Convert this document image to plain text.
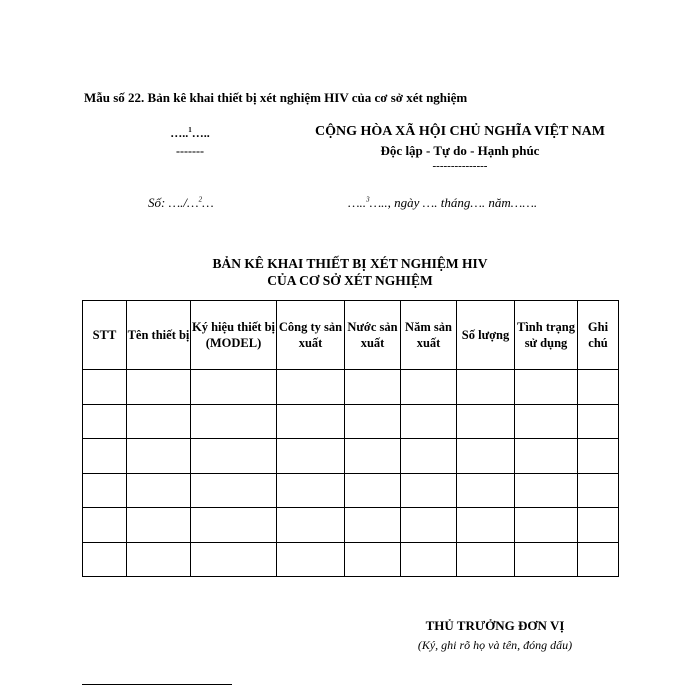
Mẫu số 22. Bản kê khai thiết bị xét nghiệm HIV của cơ sở xét nghiệm
…..$^1$…..
-------
CỘNG HÒA XÃ HỘI CHỦ NGHĨA VIỆT NAM
Độc lập - Tự do - Hạnh phúc
---------------
Số: …./…$^2$…	…..$^3$….., ngày …. tháng…. năm…….
BẢN KÊ KHAI THIẾT BỊ XÉT NGHIỆM HIV
CỦA CƠ SỞ XÉT NGHIỆM
STT	Tên thiết bị	Ký hiệu thiết bị (MODEL)	Công ty sản xuất	Nước sản xuất	Năm sản xuất	Số lượng	Tình trạng sử dụng	Ghi chú

THỦ TRƯỞNG ĐƠN VỊ
(Ký, ghi rõ họ và tên, đóng dấu)
